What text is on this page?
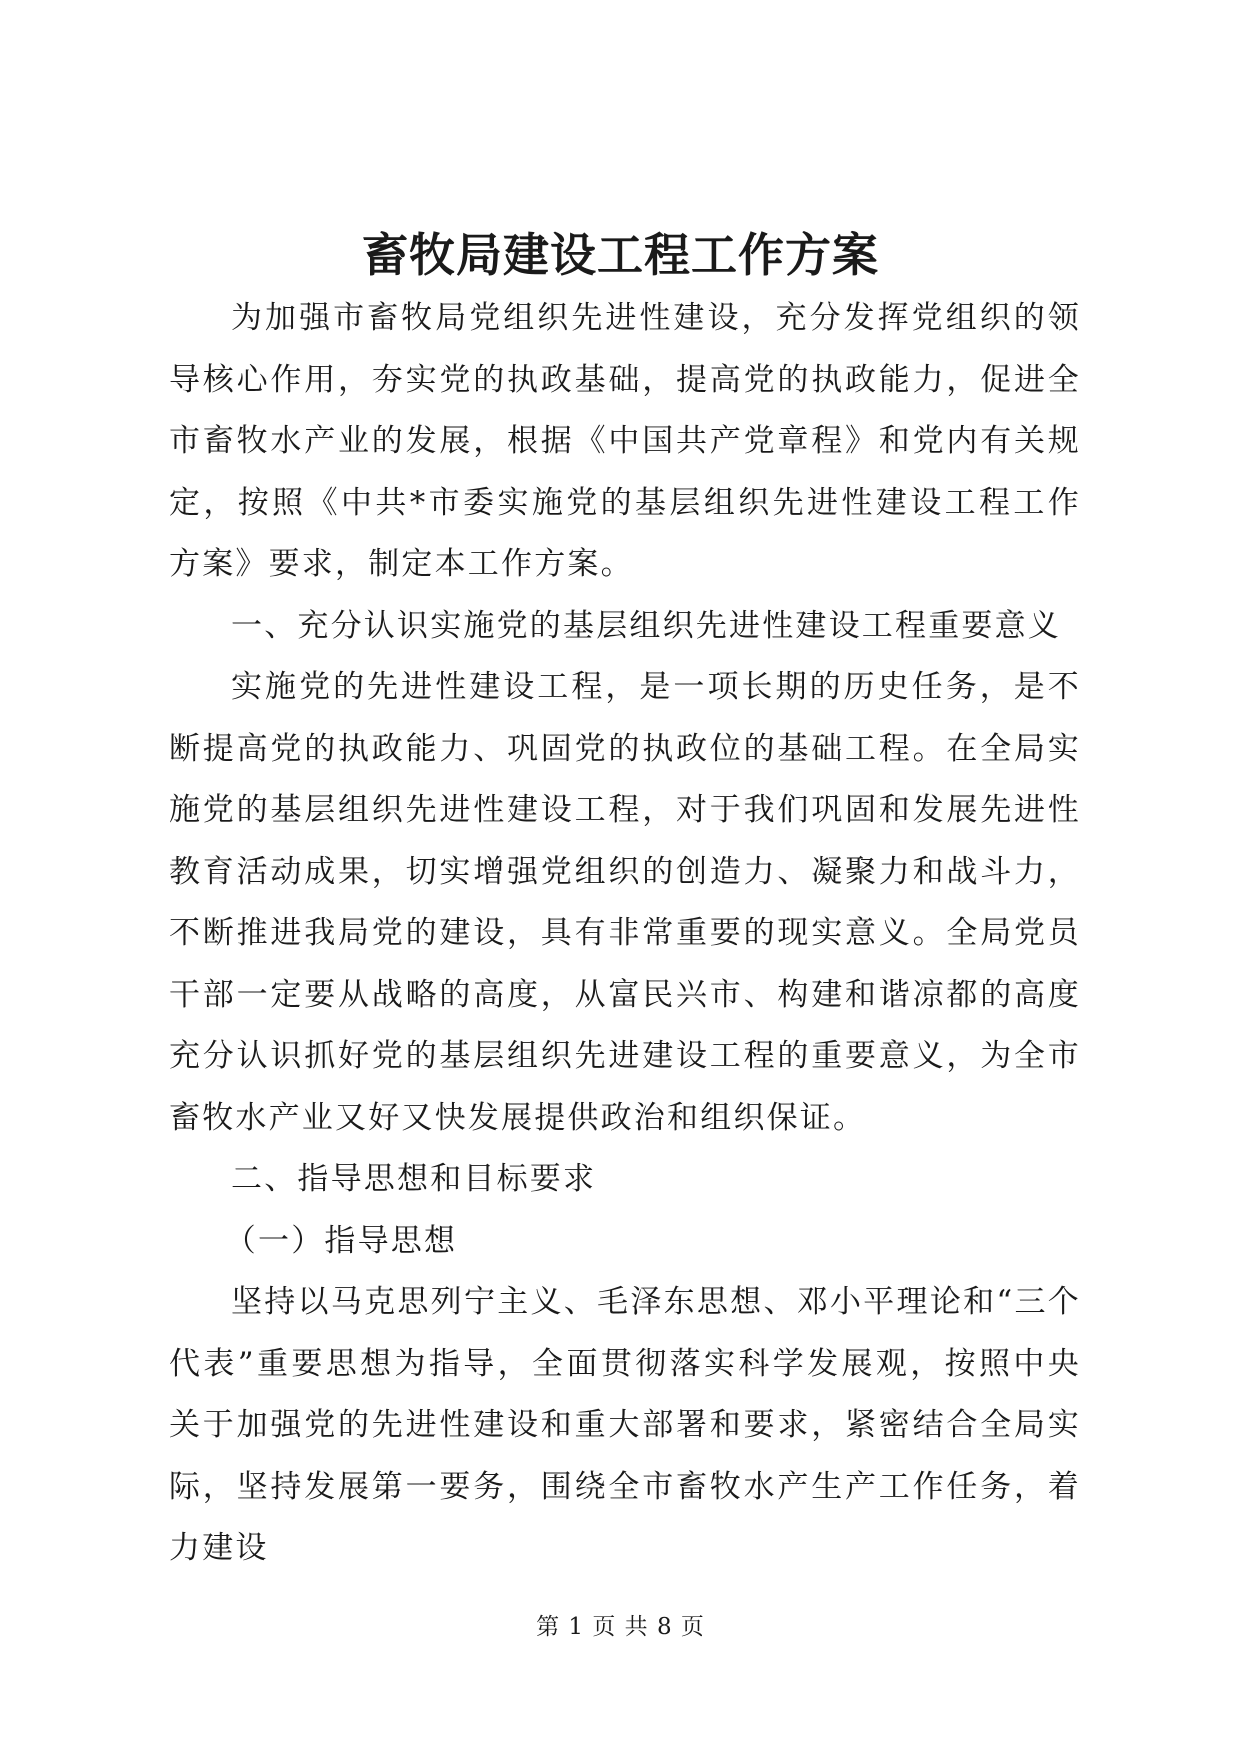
畜牧局建设工程工作方案

为加强市畜牧局党组织先进性建设，充分发挥党组织的领导核心作用，夯实党的执政基础，提高党的执政能力，促进全市畜牧水产业的发展，根据《中国共产党章程》和党内有关规定，按照《中共*市委实施党的基层组织先进性建设工程工作方案》要求，制定本工作方案。

一、充分认识实施党的基层组织先进性建设工程重要意义

实施党的先进性建设工程，是一项长期的历史任务，是不断提高党的执政能力、巩固党的执政位的基础工程。在全局实施党的基层组织先进性建设工程，对于我们巩固和发展先进性教育活动成果，切实增强党组织的创造力、凝聚力和战斗力，不断推进我局党的建设，具有非常重要的现实意义。全局党员干部一定要从战略的高度，从富民兴市、构建和谐凉都的高度充分认识抓好党的基层组织先进建设工程的重要意义，为全市畜牧水产业又好又快发展提供政治和组织保证。

二、指导思想和目标要求

（一）指导思想

坚持以马克思列宁主义、毛泽东思想、邓小平理论和“三个代表”重要思想为指导，全面贯彻落实科学发展观，按照中央关于加强党的先进性建设和重大部署和要求，紧密结合全局实际，坚持发展第一要务，围绕全市畜牧水产生产工作任务，着力建设

第 1 页 共 8 页
